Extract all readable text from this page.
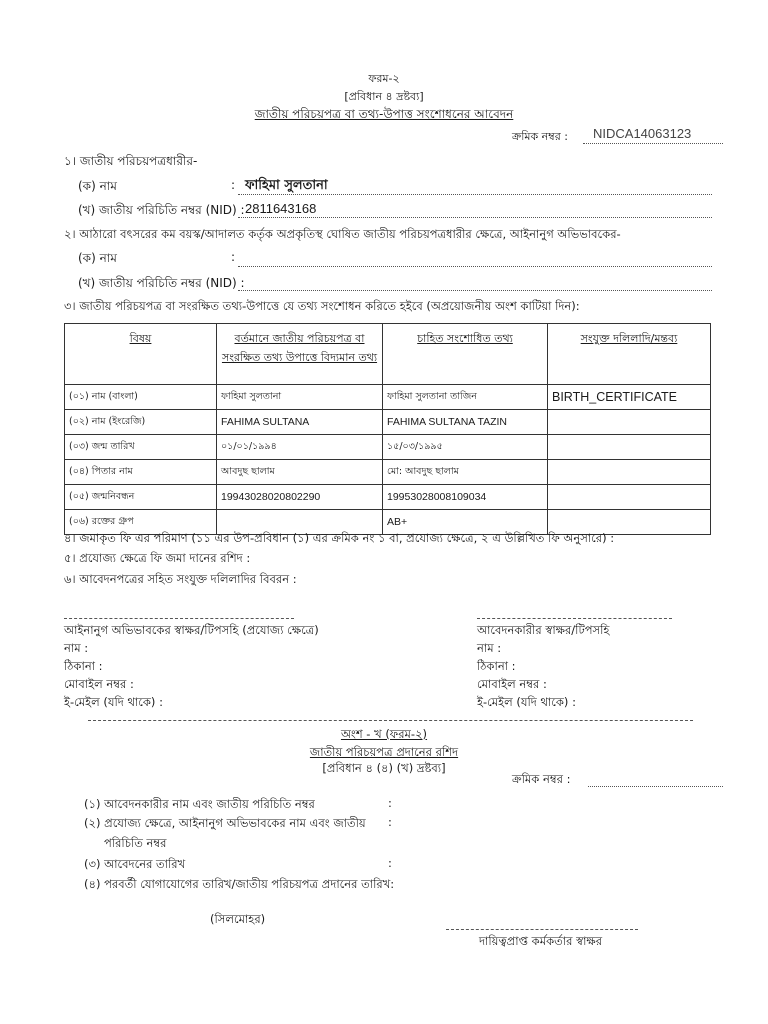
ফরম-২
[প্রবিধান ৪ দ্রষ্টব্য]
জাতীয় পরিচয়পত্র বা তথ্য-উপাত্ত সংশোধনের আবেদন
ক্রমিক নম্বর : NIDCA14063123
১। জাতীয় পরিচয়পত্রধারীর-
(ক) নাম	: ফাহিমা সুলতানা
(খ) জাতীয় পরিচিতি নম্বর (NID) : 2811643168
২। আঠারো বৎসরের কম বয়স্ক/আদালত কর্তৃক অপ্রকৃতিস্থ ঘোষিত জাতীয় পরিচয়পত্রধারীর ক্ষেত্রে, আইনানুগ অভিভাবকের-
(ক) নাম	:
(খ) জাতীয় পরিচিতি নম্বর (NID) :
৩। জাতীয় পরিচয়পত্র বা সংরক্ষিত তথ্য-উপাত্তে যে তথ্য সংশোধন করিতে হইবে (অপ্রয়োজনীয় অংশ কাটিয়া দিন):
বিষয়	বর্তমানে জাতীয় পরিচয়পত্র বা সংরক্ষিত তথ্য উপাত্তে বিদ্যমান তথ্য	চাহিত সংশোধিত তথ্য	সংযুক্ত দলিলাদি/মন্তব্য
(০১) নাম (বাংলা)	ফাহিমা সুলতানা	ফাহিমা সুলতানা তাজিন	BIRTH_CERTIFICATE
(০২) নাম (ইংরেজি)	FAHIMA SULTANA	FAHIMA SULTANA TAZIN	
(০৩) জন্ম তারিখ	০১/০১/১৯৯৪	১৫/০৩/১৯৯৫	
(০৪) পিতার নাম	আবদুছ ছালাম	মো: আবদুছ ছালাম	
(০৫) জন্মনিবন্ধন	19943028020802290	19953028008109034	
(০৬) রক্তের গ্রুপ		AB+	
৪। জমাকৃত ফি এর পরিমাণ (১১ এর উপ-প্রবিধান (১) এর ক্রমিক নং ১ বা, প্রযোজ্য ক্ষেত্রে, ২ এ উল্লিখিত ফি অনুসারে) :
৫। প্রযোজ্য ক্ষেত্রে ফি জমা দানের রশিদ :
৬। আবেদনপত্রের সহিত সংযুক্ত দলিলাদির বিবরন :
আইনানুগ অভিভাবকের স্বাক্ষর/টিপসহি (প্রযোজ্য ক্ষেত্রে)
নাম :
ঠিকানা :
মোবাইল নম্বর :
ই-মেইল (যদি থাকে) :
আবেদনকারীর স্বাক্ষর/টিপসহি
নাম :
ঠিকানা :
মোবাইল নম্বর :
ই-মেইল (যদি থাকে) :
অংশ - খ (ফরম-২)
জাতীয় পরিচয়পত্র প্রদানের রশিদ
[প্রবিধান ৪ (৪) (খ) দ্রষ্টব্য]
ক্রমিক নম্বর :
(১) আবেদনকারীর নাম এবং জাতীয় পরিচিতি নম্বর	:
(২) প্রযোজ্য ক্ষেত্রে, আইনানুগ অভিভাবকের নাম এবং জাতীয় :
পরিচিতি নম্বর
(৩) আবেদনের তারিখ	:
(৪) পরবর্তী যোগাযোগের তারিখ/জাতীয় পরিচয়পত্র প্রদানের তারিখ:
(সিলমোহর)
দায়িত্বপ্রাপ্ত কর্মকর্তার স্বাক্ষর
